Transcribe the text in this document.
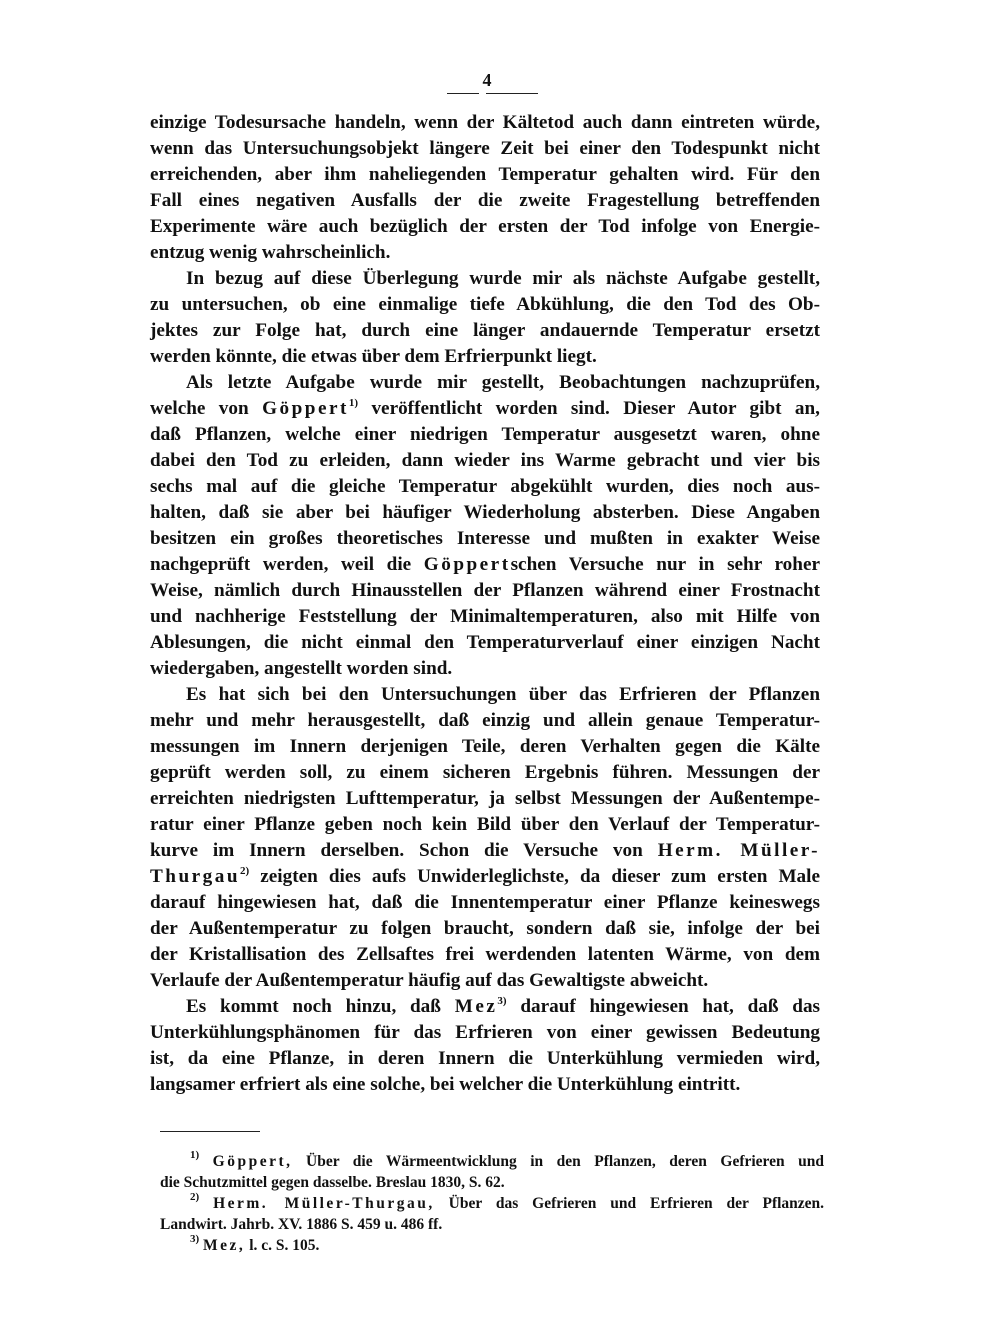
4
einzige Todesursache handeln, wenn der Kältetod auch dann eintreten würde,
wenn das Untersuchungsobjekt längere Zeit bei einer den Todespunkt nicht
erreichenden, aber ihm naheliegenden Temperatur gehalten wird. Für den
Fall eines negativen Ausfalls der die zweite Fragestellung betreffenden
Experimente wäre auch bezüglich der ersten der Tod infolge von Energie-
entzug wenig wahrscheinlich.
In bezug auf diese Überlegung wurde mir als nächste Aufgabe gestellt,
zu untersuchen, ob eine einmalige tiefe Abkühlung, die den Tod des Ob-
jektes zur Folge hat, durch eine länger andauernde Temperatur ersetzt
werden könnte, die etwas über dem Erfrierpunkt liegt.
Als letzte Aufgabe wurde mir gestellt, Beobachtungen nachzuprüfen,
welche von Göppert$^{1)}$ veröffentlicht worden sind. Dieser Autor gibt an,
daß Pflanzen, welche einer niedrigen Temperatur ausgesetzt waren, ohne
dabei den Tod zu erleiden, dann wieder ins Warme gebracht und vier bis
sechs mal auf die gleiche Temperatur abgekühlt wurden, dies noch aus-
halten, daß sie aber bei häufiger Wiederholung absterben. Diese Angaben
besitzen ein großes theoretisches Interesse und mußten in exakter Weise
nachgeprüft werden, weil die Göppertschen Versuche nur in sehr roher
Weise, nämlich durch Hinausstellen der Pflanzen während einer Frostnacht
und nachherige Feststellung der Minimaltemperaturen, also mit Hilfe von
Ablesungen, die nicht einmal den Temperaturverlauf einer einzigen Nacht
wiedergaben, angestellt worden sind.
Es hat sich bei den Untersuchungen über das Erfrieren der Pflanzen
mehr und mehr herausgestellt, daß einzig und allein genaue Temperatur-
messungen im Innern derjenigen Teile, deren Verhalten gegen die Kälte
geprüft werden soll, zu einem sicheren Ergebnis führen. Messungen der
erreichten niedrigsten Lufttemperatur, ja selbst Messungen der Außentempe-
ratur einer Pflanze geben noch kein Bild über den Verlauf der Temperatur-
kurve im Innern derselben. Schon die Versuche von Herm. Müller-
Thurgau$^{2)}$ zeigten dies aufs Unwiderleglichste, da dieser zum ersten Male
darauf hingewiesen hat, daß die Innentemperatur einer Pflanze keineswegs
der Außentemperatur zu folgen braucht, sondern daß sie, infolge der bei
der Kristallisation des Zellsaftes frei werdenden latenten Wärme, von dem
Verlaufe der Außentemperatur häufig auf das Gewaltigste abweicht.
Es kommt noch hinzu, daß Mez$^{3)}$ darauf hingewiesen hat, daß das
Unterkühlungsphänomen für das Erfrieren von einer gewissen Bedeutung
ist, da eine Pflanze, in deren Innern die Unterkühlung vermieden wird,
langsamer erfriert als eine solche, bei welcher die Unterkühlung eintritt.
$^{1)}$ Göppert, Über die Wärmeentwicklung in den Pflanzen, deren Gefrieren und
die Schutzmittel gegen dasselbe. Breslau 1830, S. 62.
$^{2)}$ Herm. Müller-Thurgau, Über das Gefrieren und Erfrieren der Pflanzen.
Landwirt. Jahrb. XV. 1886 S. 459 u. 486 ff.
$^{3)}$ Mez, l. c. S. 105.
